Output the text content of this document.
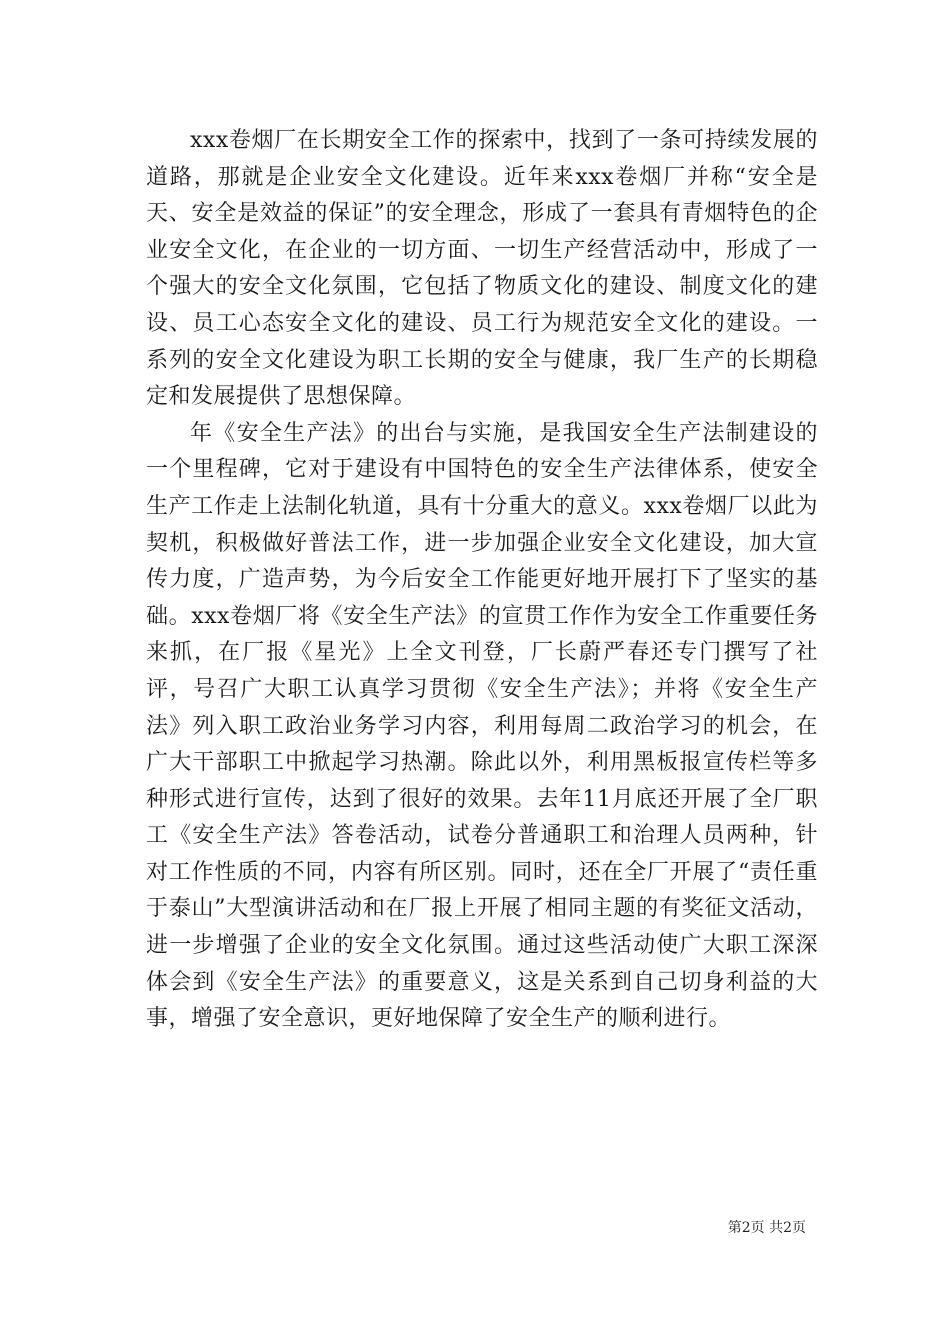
xxx卷烟厂在长期安全工作的探索中，找到了一条可持续发展的道路，那就是企业安全文化建设。近年来xxx卷烟厂并称“安全是天、安全是效益的保证”的安全理念，形成了一套具有青烟特色的企业安全文化，在企业的一切方面、一切生产经营活动中，形成了一个强大的安全文化氛围，它包括了物质文化的建设、制度文化的建设、员工心态安全文化的建设、员工行为规范安全文化的建设。一系列的安全文化建设为职工长期的安全与健康，我厂生产的长期稳定和发展提供了思想保障。

年《安全生产法》的出台与实施，是我国安全生产法制建设的一个里程碑，它对于建设有中国特色的安全生产法律体系，使安全生产工作走上法制化轨道，具有十分重大的意义。xxx卷烟厂以此为契机，积极做好普法工作，进一步加强企业安全文化建设，加大宣传力度，广造声势，为今后安全工作能更好地开展打下了坚实的基础。xxx卷烟厂将《安全生产法》的宣贯工作作为安全工作重要任务来抓，在厂报《星光》上全文刊登，厂长蔚严春还专门撰写了社评，号召广大职工认真学习贯彻《安全生产法》；并将《安全生产法》列入职工政治业务学习内容，利用每周二政治学习的机会，在广大干部职工中掀起学习热潮。除此以外，利用黑板报宣传栏等多种形式进行宣传，达到了很好的效果。去年11月底还开展了全厂职工《安全生产法》答卷活动，试卷分普通职工和治理人员两种，针对工作性质的不同，内容有所区别。同时，还在全厂开展了“责任重于泰山”大型演讲活动和在厂报上开展了相同主题的有奖征文活动，进一步增强了企业的安全文化氛围。通过这些活动使广大职工深深体会到《安全生产法》的重要意义，这是关系到自己切身利益的大事，增强了安全意识，更好地保障了安全生产的顺利进行。

第2页 共2页
